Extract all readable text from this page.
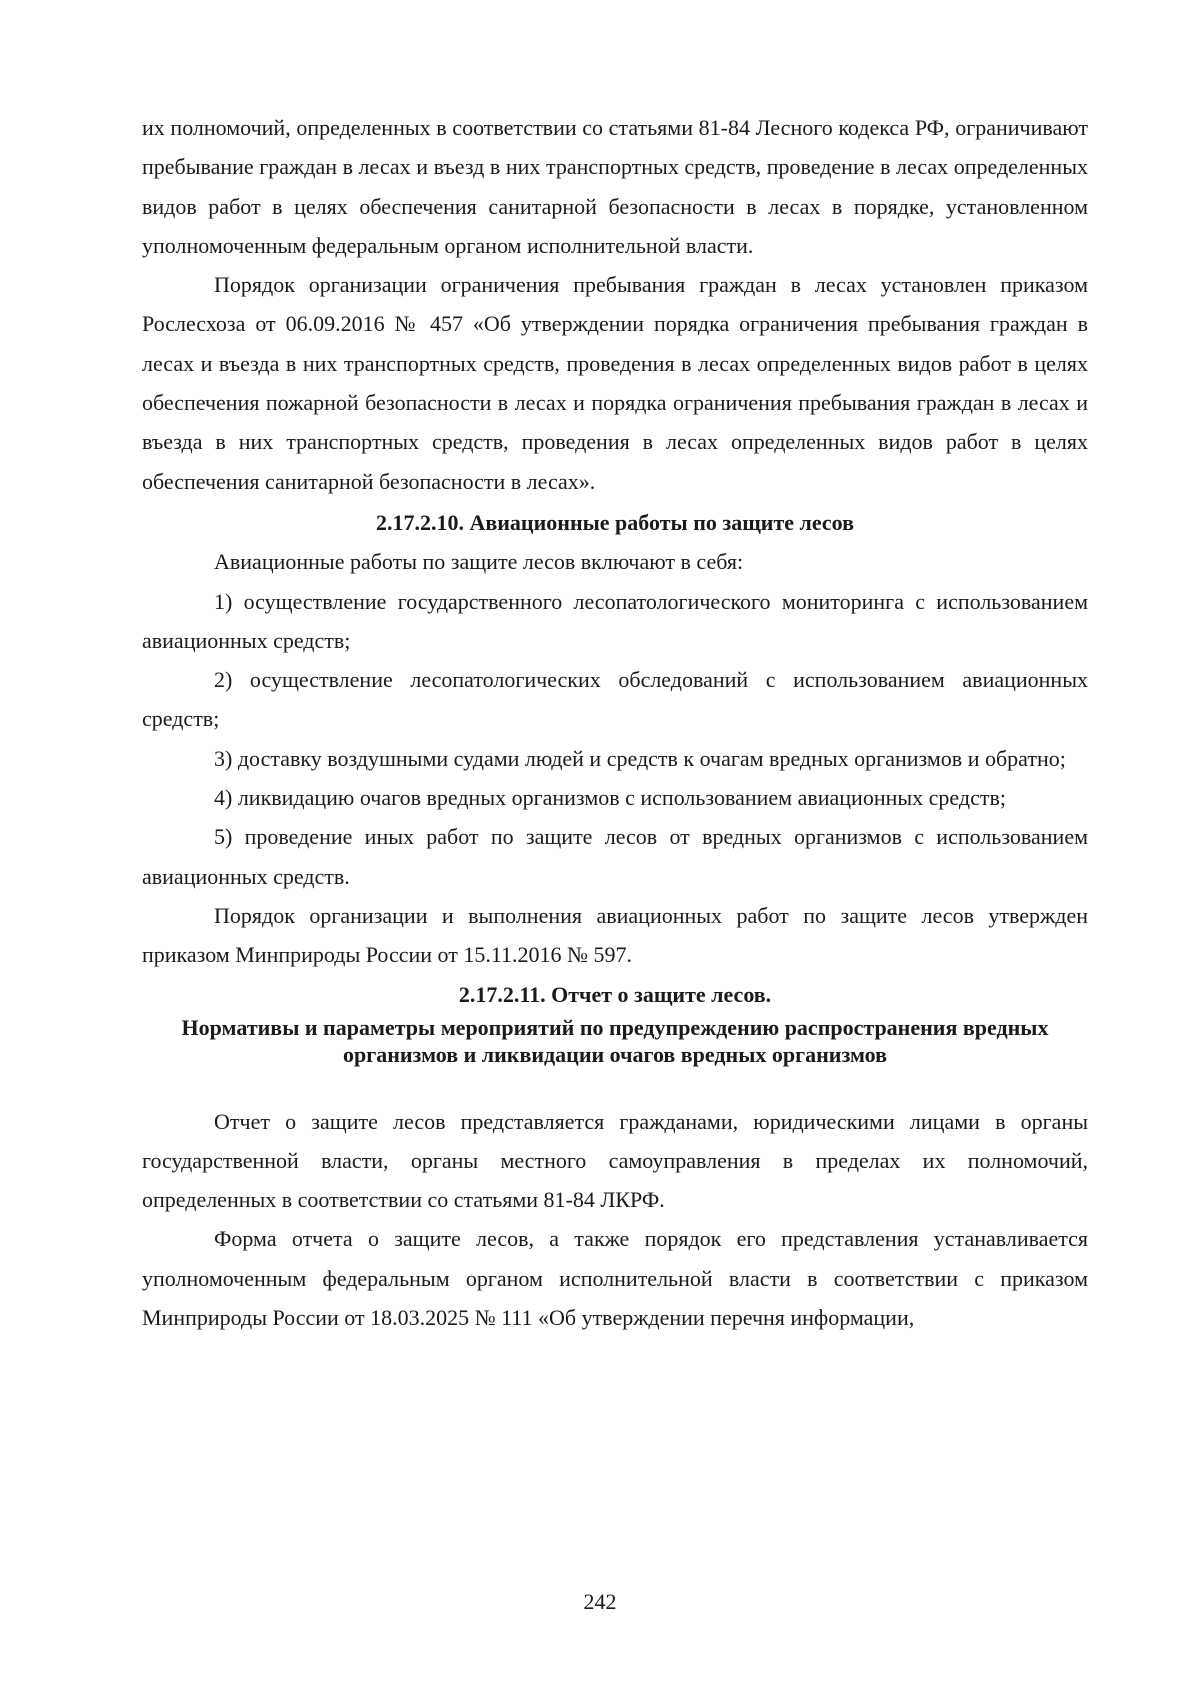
их полномочий, определенных в соответствии со статьями 81-84 Лесного кодекса РФ, ограничивают пребывание граждан в лесах и въезд в них транспортных средств, проведение в лесах определенных видов работ в целях обеспечения санитарной безопасности в лесах в порядке, установленном уполномоченным федеральным органом исполнительной власти.

Порядок организации ограничения пребывания граждан в лесах установлен приказом Рослесхоза от 06.09.2016 № 457 «Об утверждении порядка ограничения пребывания граждан в лесах и въезда в них транспортных средств, проведения в лесах определенных видов работ в целях обеспечения пожарной безопасности в лесах и порядка ограничения пребывания граждан в лесах и въезда в них транспортных средств, проведения в лесах определенных видов работ в целях обеспечения санитарной безопасности в лесах».

2.17.2.10. Авиационные работы по защите лесов

Авиационные работы по защите лесов включают в себя:

1) осуществление государственного лесопатологического мониторинга с использованием авиационных средств;

2) осуществление лесопатологических обследований с использованием авиационных средств;

3) доставку воздушными судами людей и средств к очагам вредных организмов и обратно;

4) ликвидацию очагов вредных организмов с использованием авиационных средств;

5) проведение иных работ по защите лесов от вредных организмов с использованием авиационных средств.

Порядок организации и выполнения авиационных работ по защите лесов утвержден приказом Минприроды России от 15.11.2016 № 597.

2.17.2.11. Отчет о защите лесов.

Нормативы и параметры мероприятий по предупреждению распространения вредных организмов и ликвидации очагов вредных организмов

Отчет о защите лесов представляется гражданами, юридическими лицами в органы государственной власти, органы местного самоуправления в пределах их полномочий, определенных в соответствии со статьями 81-84 ЛКРФ.

Форма отчета о защите лесов, а также порядок его представления устанавливается уполномоченным федеральным органом исполнительной власти в соответствии с приказом Минприроды России от 18.03.2025 № 111 «Об утверждении перечня информации,

242
